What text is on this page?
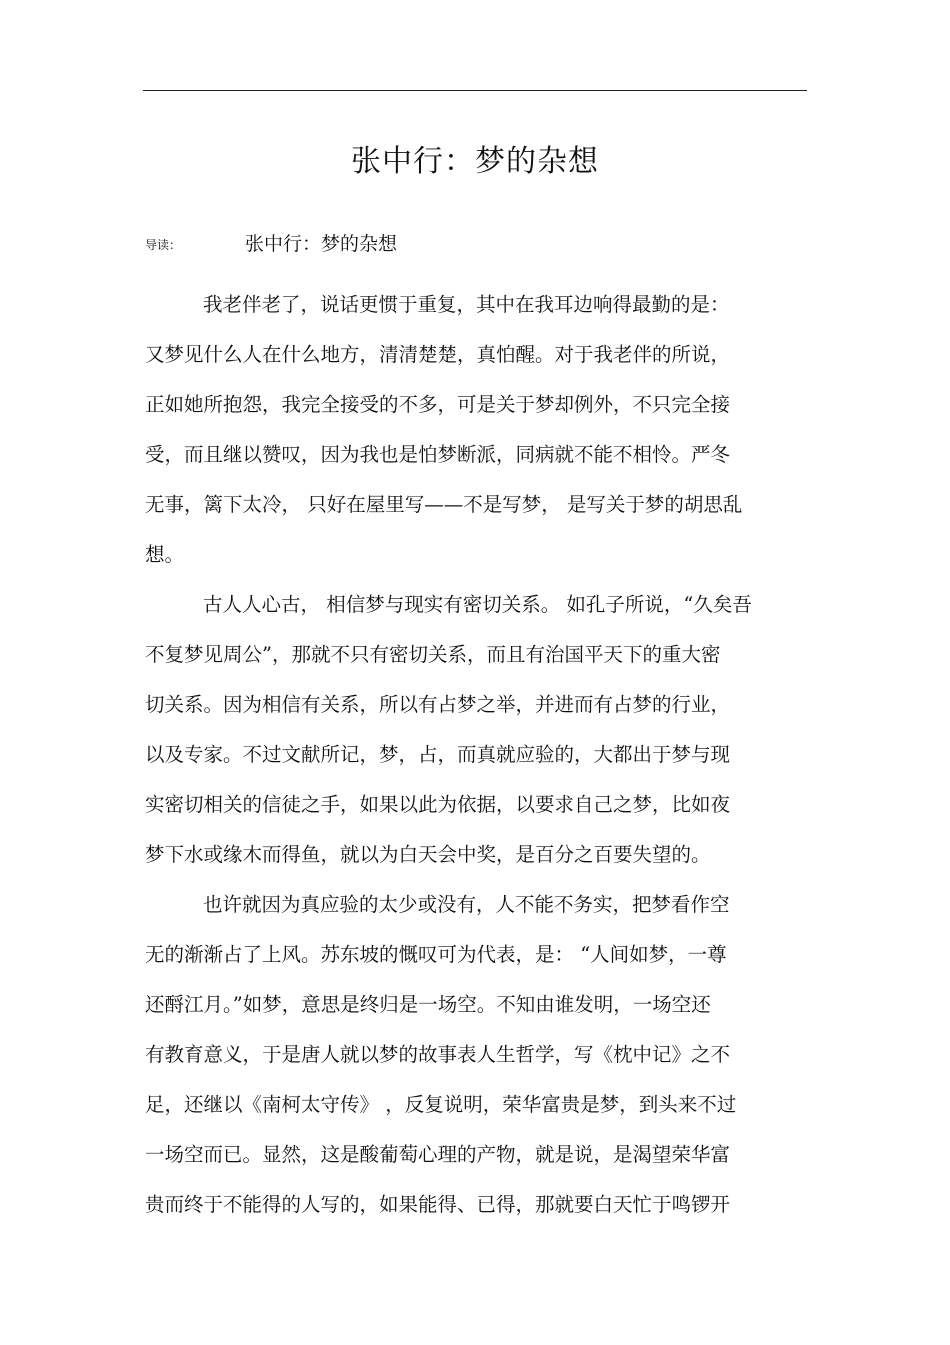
张中行：梦的杂想
导读：	张中行：梦的杂想
我老伴老了，说话更惯于重复，其中在我耳边响得最勤的是：
又梦见什么人在什么地方，清清楚楚，真怕醒。对于我老伴的所说，
正如她所抱怨，我完全接受的不多，可是关于梦却例外，不只完全接
受，而且继以赞叹，因为我也是怕梦断派，同病就不能不相怜。严冬
无事，篱下太冷， 只好在屋里写——不是写梦， 是写关于梦的胡思乱
想。
古人人心古， 相信梦与现实有密切关系。 如孔子所说，“久矣吾
不复梦见周公”，那就不只有密切关系，而且有治国平天下的重大密
切关系。因为相信有关系，所以有占梦之举，并进而有占梦的行业，
以及专家。不过文献所记，梦，占，而真就应验的，大都出于梦与现
实密切相关的信徒之手，如果以此为依据，以要求自己之梦，比如夜
梦下水或缘木而得鱼，就以为白天会中奖，是百分之百要失望的。
也许就因为真应验的太少或没有，人不能不务实，把梦看作空
无的渐渐占了上风。苏东坡的慨叹可为代表，是： “人间如梦，一尊
还酹江月。”如梦，意思是终归是一场空。不知由谁发明，一场空还
有教育意义，于是唐人就以梦的故事表人生哲学，写《枕中记》之不
足，还继以《南柯太守传》 ，反复说明，荣华富贵是梦，到头来不过
一场空而已。显然，这是酸葡萄心理的产物，就是说，是渴望荣华富
贵而终于不能得的人写的，如果能得、已得，那就要白天忙于鸣锣开
